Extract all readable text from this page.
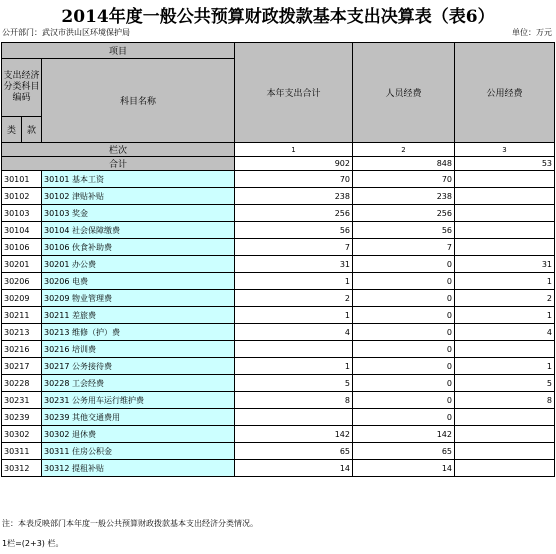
2014年度一般公共预算财政拨款基本支出决算表（表6）
公开部门：武汉市洪山区环境保护局	单位：万元
项目			本年支出合计	人员经费	公用经费
支出经济分类科目编码		科目名称			
类	款				
栏次			1	2	3
合计			902	848	53
30101		30101 基本工资	70	70	
30102		30102 津贴补贴	238	238	
30103		30103 奖金	256	256	
30104		30104 社会保障缴费	56	56	
30106		30106 伙食补助费	7	7	
30201		30201 办公费	31	0	31
30206		30206 电费	1	0	1
30209		30209 物业管理费	2	0	2
30211		30211 差旅费	1	0	1
30213		30213 维修（护）费	4	0	4
30216		30216 培训费		0	
30217		30217 公务接待费	1	0	1
30228		30228 工会经费	5	0	5
30231		30231 公务用车运行维护费	8	0	8
30239		30239 其他交通费用		0	
30302		30302 退休费	142	142	
30311		30311 住房公积金	65	65	
30312		30312 提租补贴	14	14	
注：本表反映部门本年度一般公共预算财政拨款基本支出经济分类情况。
1栏=(2+3) 栏。
